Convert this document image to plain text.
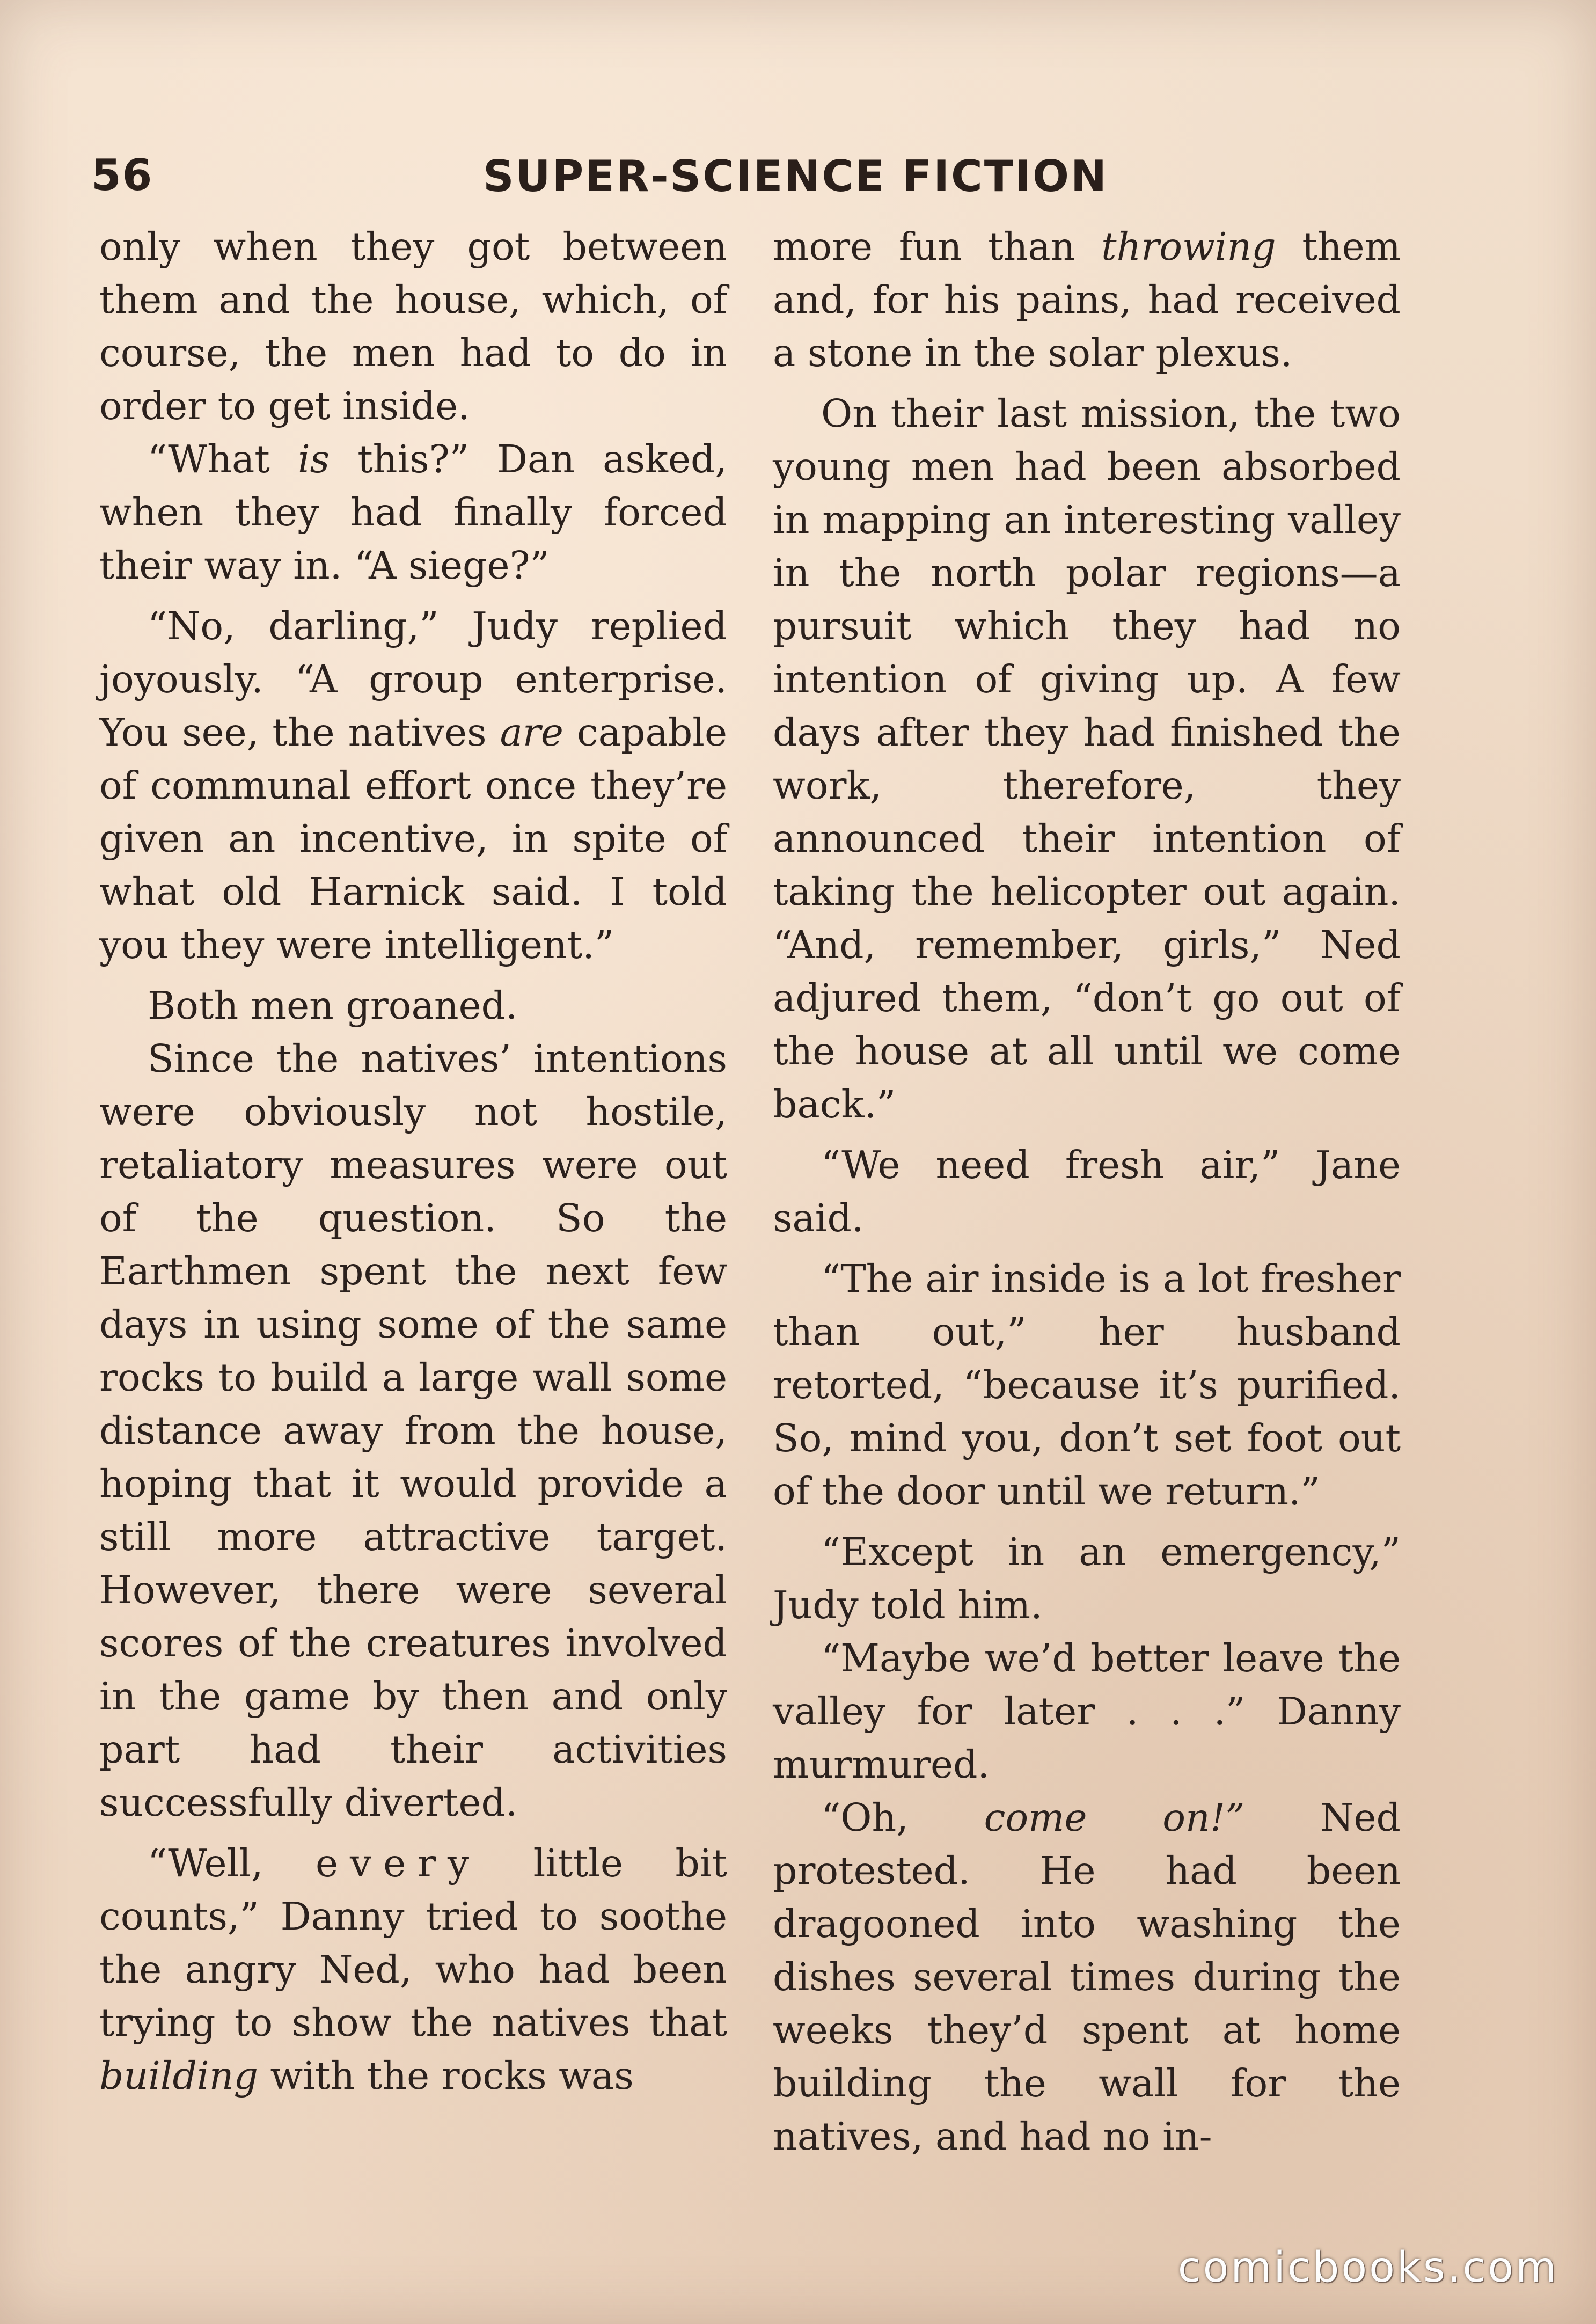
56	SUPER-SCIENCE FICTION

only when they got between them and the house, which, of course, the men had to do in order to get inside.

“What is this?” Dan asked, when they had finally forced their way in. “A siege?”

“No, darling,” Judy replied joyously. “A group enterprise. You see, the natives are capable of communal effort once they’re given an incentive, in spite of what old Harnick said. I told you they were intelligent.”

Both men groaned.

Since the natives’ intentions were obviously not hostile, retaliatory measures were out of the question. So the Earthmen spent the next few days in using some of the same rocks to build a large wall some distance away from the house, hoping that it would provide a still more attractive target. However, there were several scores of the creatures involved in the game by then and only part had their activities successfully diverted.

“Well, every little bit counts,” Danny tried to soothe the angry Ned, who had been trying to show the natives that building with the rocks was

more fun than throwing them and, for his pains, had received a stone in the solar plexus.

On their last mission, the two young men had been absorbed in mapping an interesting valley in the north polar regions—a pursuit which they had no intention of giving up. A few days after they had finished the work, therefore, they announced their intention of taking the helicopter out again. “And, remember, girls,” Ned adjured them, “don’t go out of the house at all until we come back.”

“We need fresh air,” Jane said.

“The air inside is a lot fresher than out,” her husband retorted, “because it’s purified. So, mind you, don’t set foot out of the door until we return.”

“Except in an emergency,” Judy told him.

“Maybe we’d better leave the valley for later . . .” Danny murmured.

“Oh, come on!” Ned protested. He had been dragooned into washing the dishes several times during the weeks they’d spent at home building the wall for the natives, and had no in-

comicbooks.com
